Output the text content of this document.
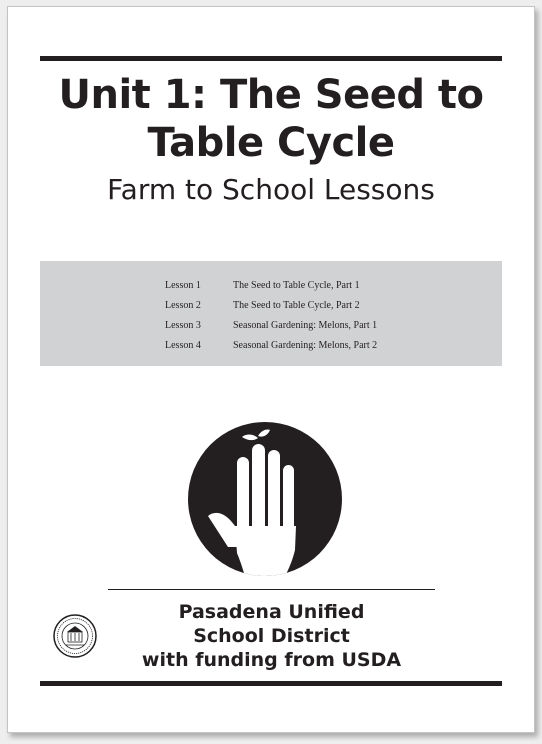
Unit 1: The Seed to
Table Cycle
Farm to School Lessons
Lesson 1	The Seed to Table Cycle, Part 1
Lesson 2	The Seed to Table Cycle, Part 2
Lesson 3	Seasonal Gardening: Melons, Part 1
Lesson 4	Seasonal Gardening: Melons, Part 2
Pasadena Unified
School District
with funding from USDA
